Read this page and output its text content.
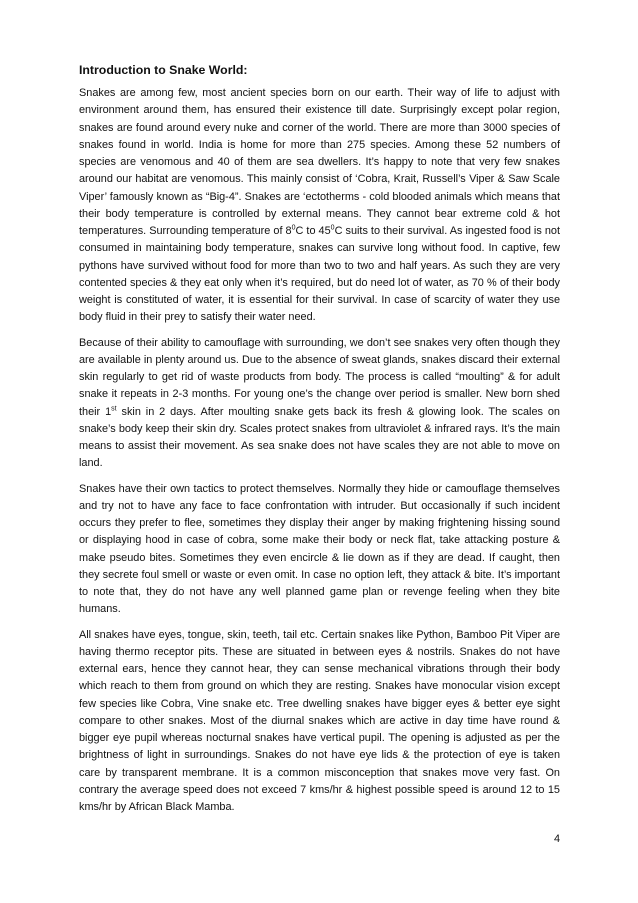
Introduction to Snake World:

Snakes are among few, most ancient species born on our earth. Their way of life to adjust with environment around them, has ensured their existence till date. Surprisingly except polar region, snakes are found around every nuke and corner of the world. There are more than 3000 species of snakes found in world. India is home for more than 275 species. Among these 52 numbers of species are venomous and 40 of them are sea dwellers. It’s happy to note that very few snakes around our habitat are venomous. This mainly consist of ‘Cobra, Krait, Russell’s Viper & Saw Scale Viper’ famously known as “Big-4”. Snakes are ‘ectotherms - cold blooded animals which means that their body temperature is controlled by external means. They cannot bear extreme cold & hot temperatures. Surrounding temperature of $8^0C$ to $45^0C$ suits to their survival. As ingested food is not consumed in maintaining body temperature, snakes can survive long without food. In captive, few pythons have survived without food for more than two to two and half years. As such they are very contented species & they eat only when it’s required, but do need lot of water, as 70 % of their body weight is constituted of water, it is essential for their survival. In case of scarcity of water they use body fluid in their prey to satisfy their water need.

Because of their ability to camouflage with surrounding, we don’t see snakes very often though they are available in plenty around us. Due to the absence of sweat glands, snakes discard their external skin regularly to get rid of waste products from body. The process is called “moulting” & for adult snake it repeats in 2-3 months. For young one’s the change over period is smaller. New born shed their 1st skin in 2 days. After moulting snake gets back its fresh & glowing look. The scales on snake’s body keep their skin dry. Scales protect snakes from ultraviolet & infrared rays. It’s the main means to assist their movement. As sea snake does not have scales they are not able to move on land.

Snakes have their own tactics to protect themselves. Normally they hide or camouflage themselves and try not to have any face to face confrontation with intruder. But occasionally if such incident occurs they prefer to flee, sometimes they display their anger by making frightening hissing sound or displaying hood in case of cobra, some make their body or neck flat, take attacking posture & make pseudo bites. Sometimes they even encircle & lie down as if they are dead. If caught, then they secrete foul smell or waste or even omit. In case no option left, they attack & bite. It’s important to note that, they do not have any well planned game plan or revenge feeling when they bite humans.

All snakes have eyes, tongue, skin, teeth, tail etc. Certain snakes like Python, Bamboo Pit Viper are having thermo receptor pits. These are situated in between eyes & nostrils. Snakes do not have external ears, hence they cannot hear, they can sense mechanical vibrations through their body which reach to them from ground on which they are resting. Snakes have monocular vision except few species like Cobra, Vine snake etc. Tree dwelling snakes have bigger eyes & better eye sight compare to other snakes. Most of the diurnal snakes which are active in day time have round & bigger eye pupil whereas nocturnal snakes have vertical pupil. The opening is adjusted as per the brightness of light in surroundings. Snakes do not have eye lids & the protection of eye is taken care by transparent membrane. It is a common misconception that snakes move very fast. On contrary the average speed does not exceed 7 kms/hr & highest possible speed is around 12 to 15 kms/hr by African Black Mamba.

4
